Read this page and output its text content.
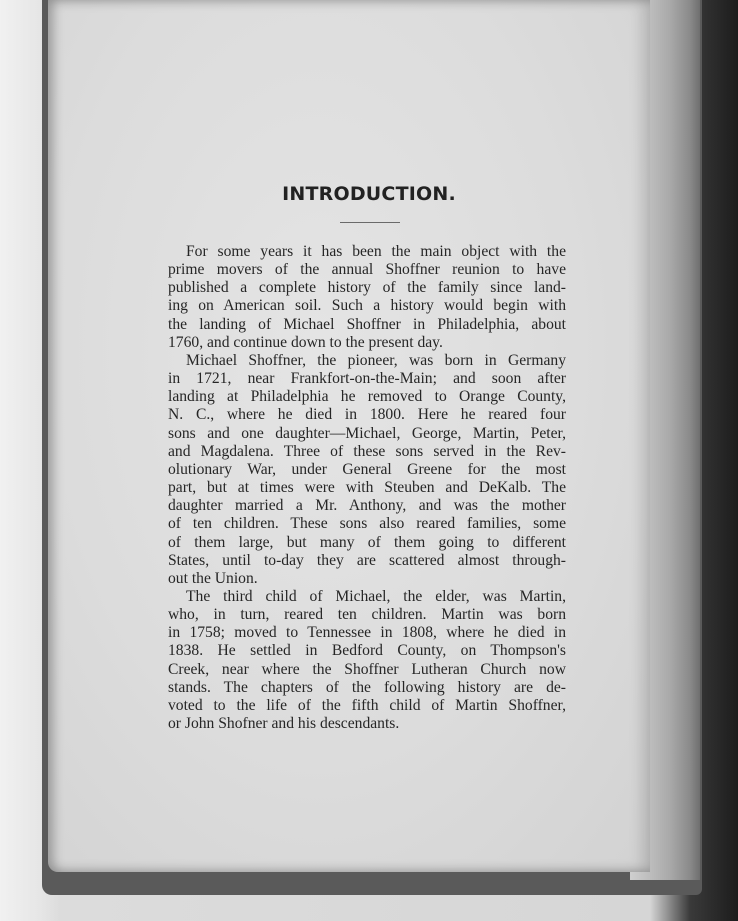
INTRODUCTION.

For some years it has been the main object with the
prime movers of the annual Shoffner reunion to have
published a complete history of the family since land-
ing on American soil. Such a history would begin with
the landing of Michael Shoffner in Philadelphia, about
1760, and continue down to the present day.

Michael Shoffner, the pioneer, was born in Germany
in 1721, near Frankfort-on-the-Main; and soon after
landing at Philadelphia he removed to Orange County,
N. C., where he died in 1800. Here he reared four
sons and one daughter—Michael, George, Martin, Peter,
and Magdalena. Three of these sons served in the Rev-
olutionary War, under General Greene for the most
part, but at times were with Steuben and DeKalb. The
daughter married a Mr. Anthony, and was the mother
of ten children. These sons also reared families, some
of them large, but many of them going to different
States, until to-day they are scattered almost through-
out the Union.

The third child of Michael, the elder, was Martin,
who, in turn, reared ten children. Martin was born
in 1758; moved to Tennessee in 1808, where he died in
1838. He settled in Bedford County, on Thompson's
Creek, near where the Shoffner Lutheran Church now
stands. The chapters of the following history are de-
voted to the life of the fifth child of Martin Shoffner,
or John Shofner and his descendants.
